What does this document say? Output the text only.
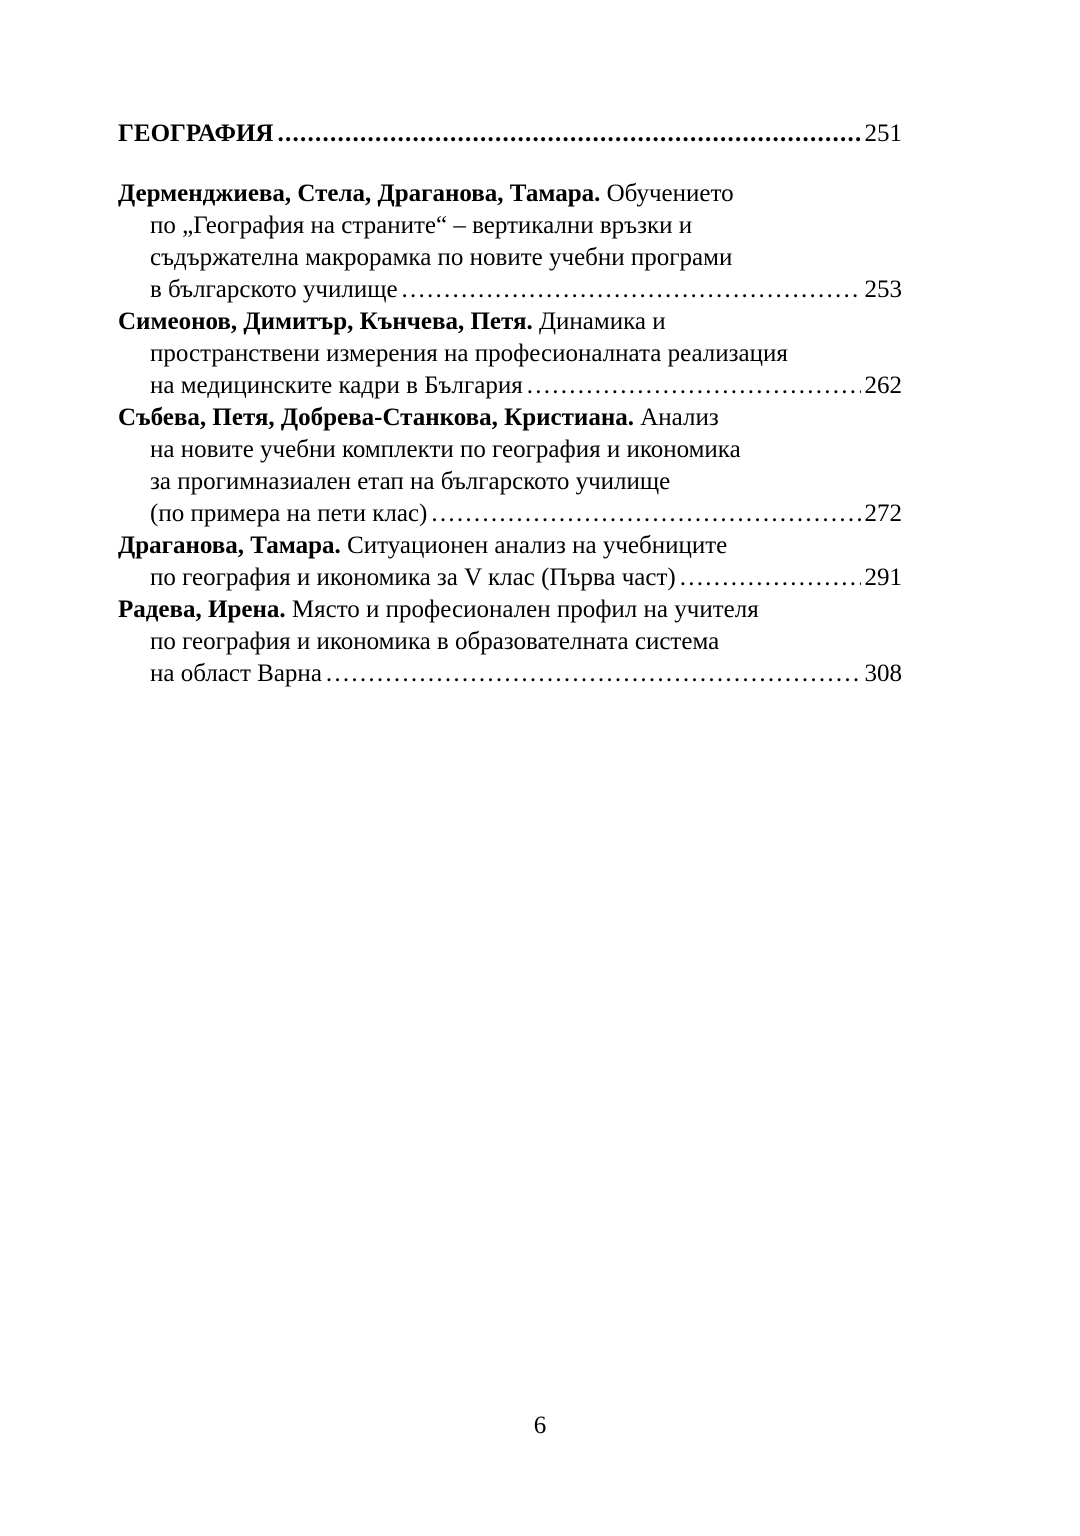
ГЕОГРАФИЯ . . .	251
Дерменджиева, Стела, Драганова, Тамара. Обучението
по „География на страните“ – вертикални връзки и
съдържателна макрорамка по новите учебни програми
в българското училище . . .	253
Симеонов, Димитър, Кънчева, Петя. Динамика и
пространствени измерения на професионалната реализация
на медицинските кадри в България . . .	262
Събева, Петя, Добрева-Станкова, Кристиана. Анализ
на новите учебни комплекти по география и икономика
за прогимназиален етап на българското училище
(по примера на пети клас) . . .	272
Драганова, Тамара. Ситуационен анализ на учебниците
по география и икономика за V клас (Първа част) . . .	291
Радева, Ирена. Място и професионален профил на учителя
по география и икономика в образователната система
на област Варна . . .	308
6
